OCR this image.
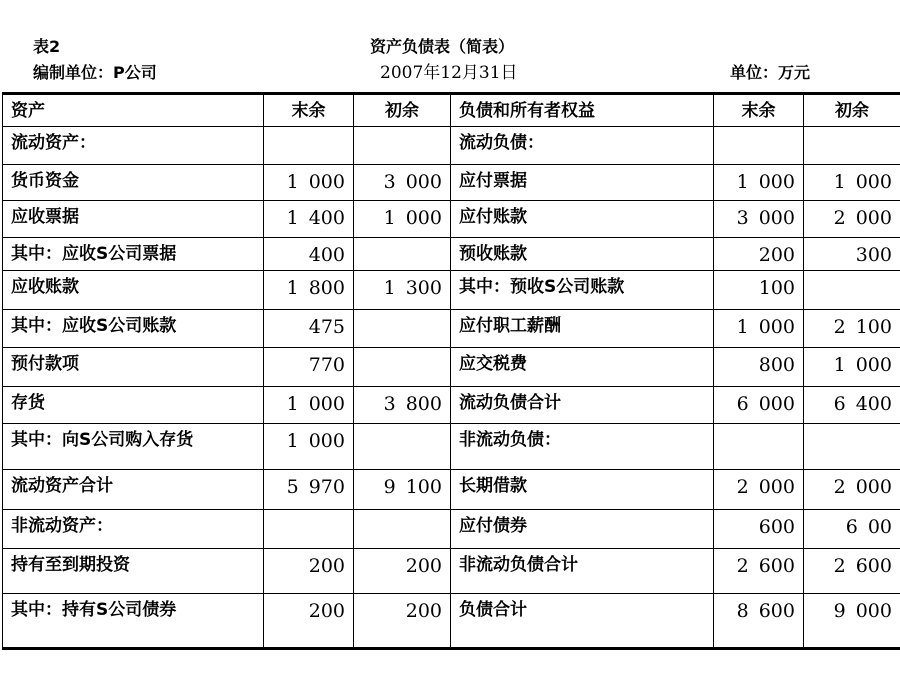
表2	资产负债表（简表）
编制单位：P公司	2007年12月31日	单位：万元
资产	末余	初余	负债和所有者权益	末余	初余
流动资产：			流动负债：		
货币资金	1 000	3 000	应付票据	1 000	1 000
应收票据	1 400	1 000	应付账款	3 000	2 000
其中：应收S公司票据	400		预收账款	200	300
应收账款	1 800	1 300	其中：预收S公司账款	100	
其中：应收S公司账款	475		应付职工薪酬	1 000	2 100
预付款项	770		应交税费	800	1 000
存货	1 000	3 800	流动负债合计	6 000	6 400
其中：向S公司购入存货	1 000		非流动负债：		
流动资产合计	5 970	9 100	长期借款	2 000	2 000
非流动资产：			应付债券	600	6 00
持有至到期投资	200	200	非流动负债合计	2 600	2 600
其中：持有S公司债券	200	200	负债合计	8 600	9 000
